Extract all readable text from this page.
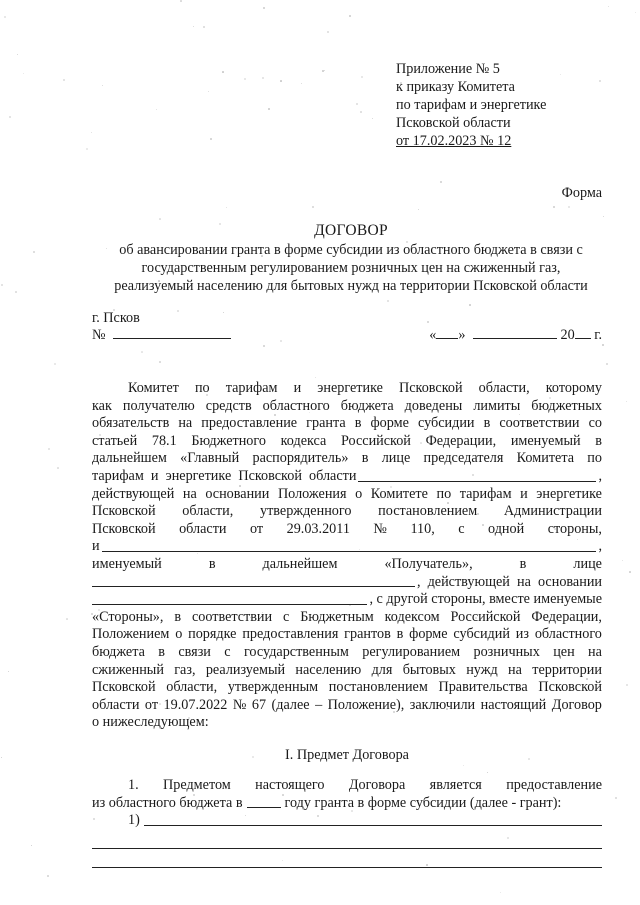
Приложение № 5
к приказу Комитета
по тарифам и энергетике
Псковской области
от 17.02.2023 № 12
Форма
ДОГОВОР
об авансировании гранта в форме субсидии из областного бюджета в связи с
государственным регулированием розничных цен на сжиженный газ,
реализуемый населению для бытовых нужд на территории Псковской области
г. Псков
№	« »	20 г.
Комитет по тарифам и энергетике Псковской области, которому
как получателю средств областного бюджета доведены лимиты бюджетных
обязательств на предоставление гранта в форме субсидии в соответствии со
статьей 78.1 Бюджетного кодекса Российской Федерации, именуемый в
дальнейшем «Главный распорядитель» в лице председателя Комитета по
тарифам  и  энергетике  Псковской  области	,
действующей на основании Положения о Комитете по тарифам и энергетике
Псковской области, утвержденного постановлением Администрации
Псковской области от 29.03.2011 № 110, с одной стороны,
и	,
именуемый	в	дальнейшем	«Получатель»,	в	лице
,  действующей  на  основании
, с другой стороны, вместе именуемые
«Стороны», в соответствии с Бюджетным кодексом Российской Федерации,
Положением о порядке предоставления грантов в форме субсидий из областного
бюджета в связи с государственным регулированием розничных цен на
сжиженный газ, реализуемый населению для бытовых нужд на территории
Псковской области, утвержденным постановлением Правительства Псковской
области от 19.07.2022 № 67 (далее – Положение), заключили настоящий Договор
о нижеследующем:
I. Предмет Договора
1. Предметом настоящего Договора является предоставление
из областного бюджета в	году гранта в форме субсидии (далее - грант):
1)
